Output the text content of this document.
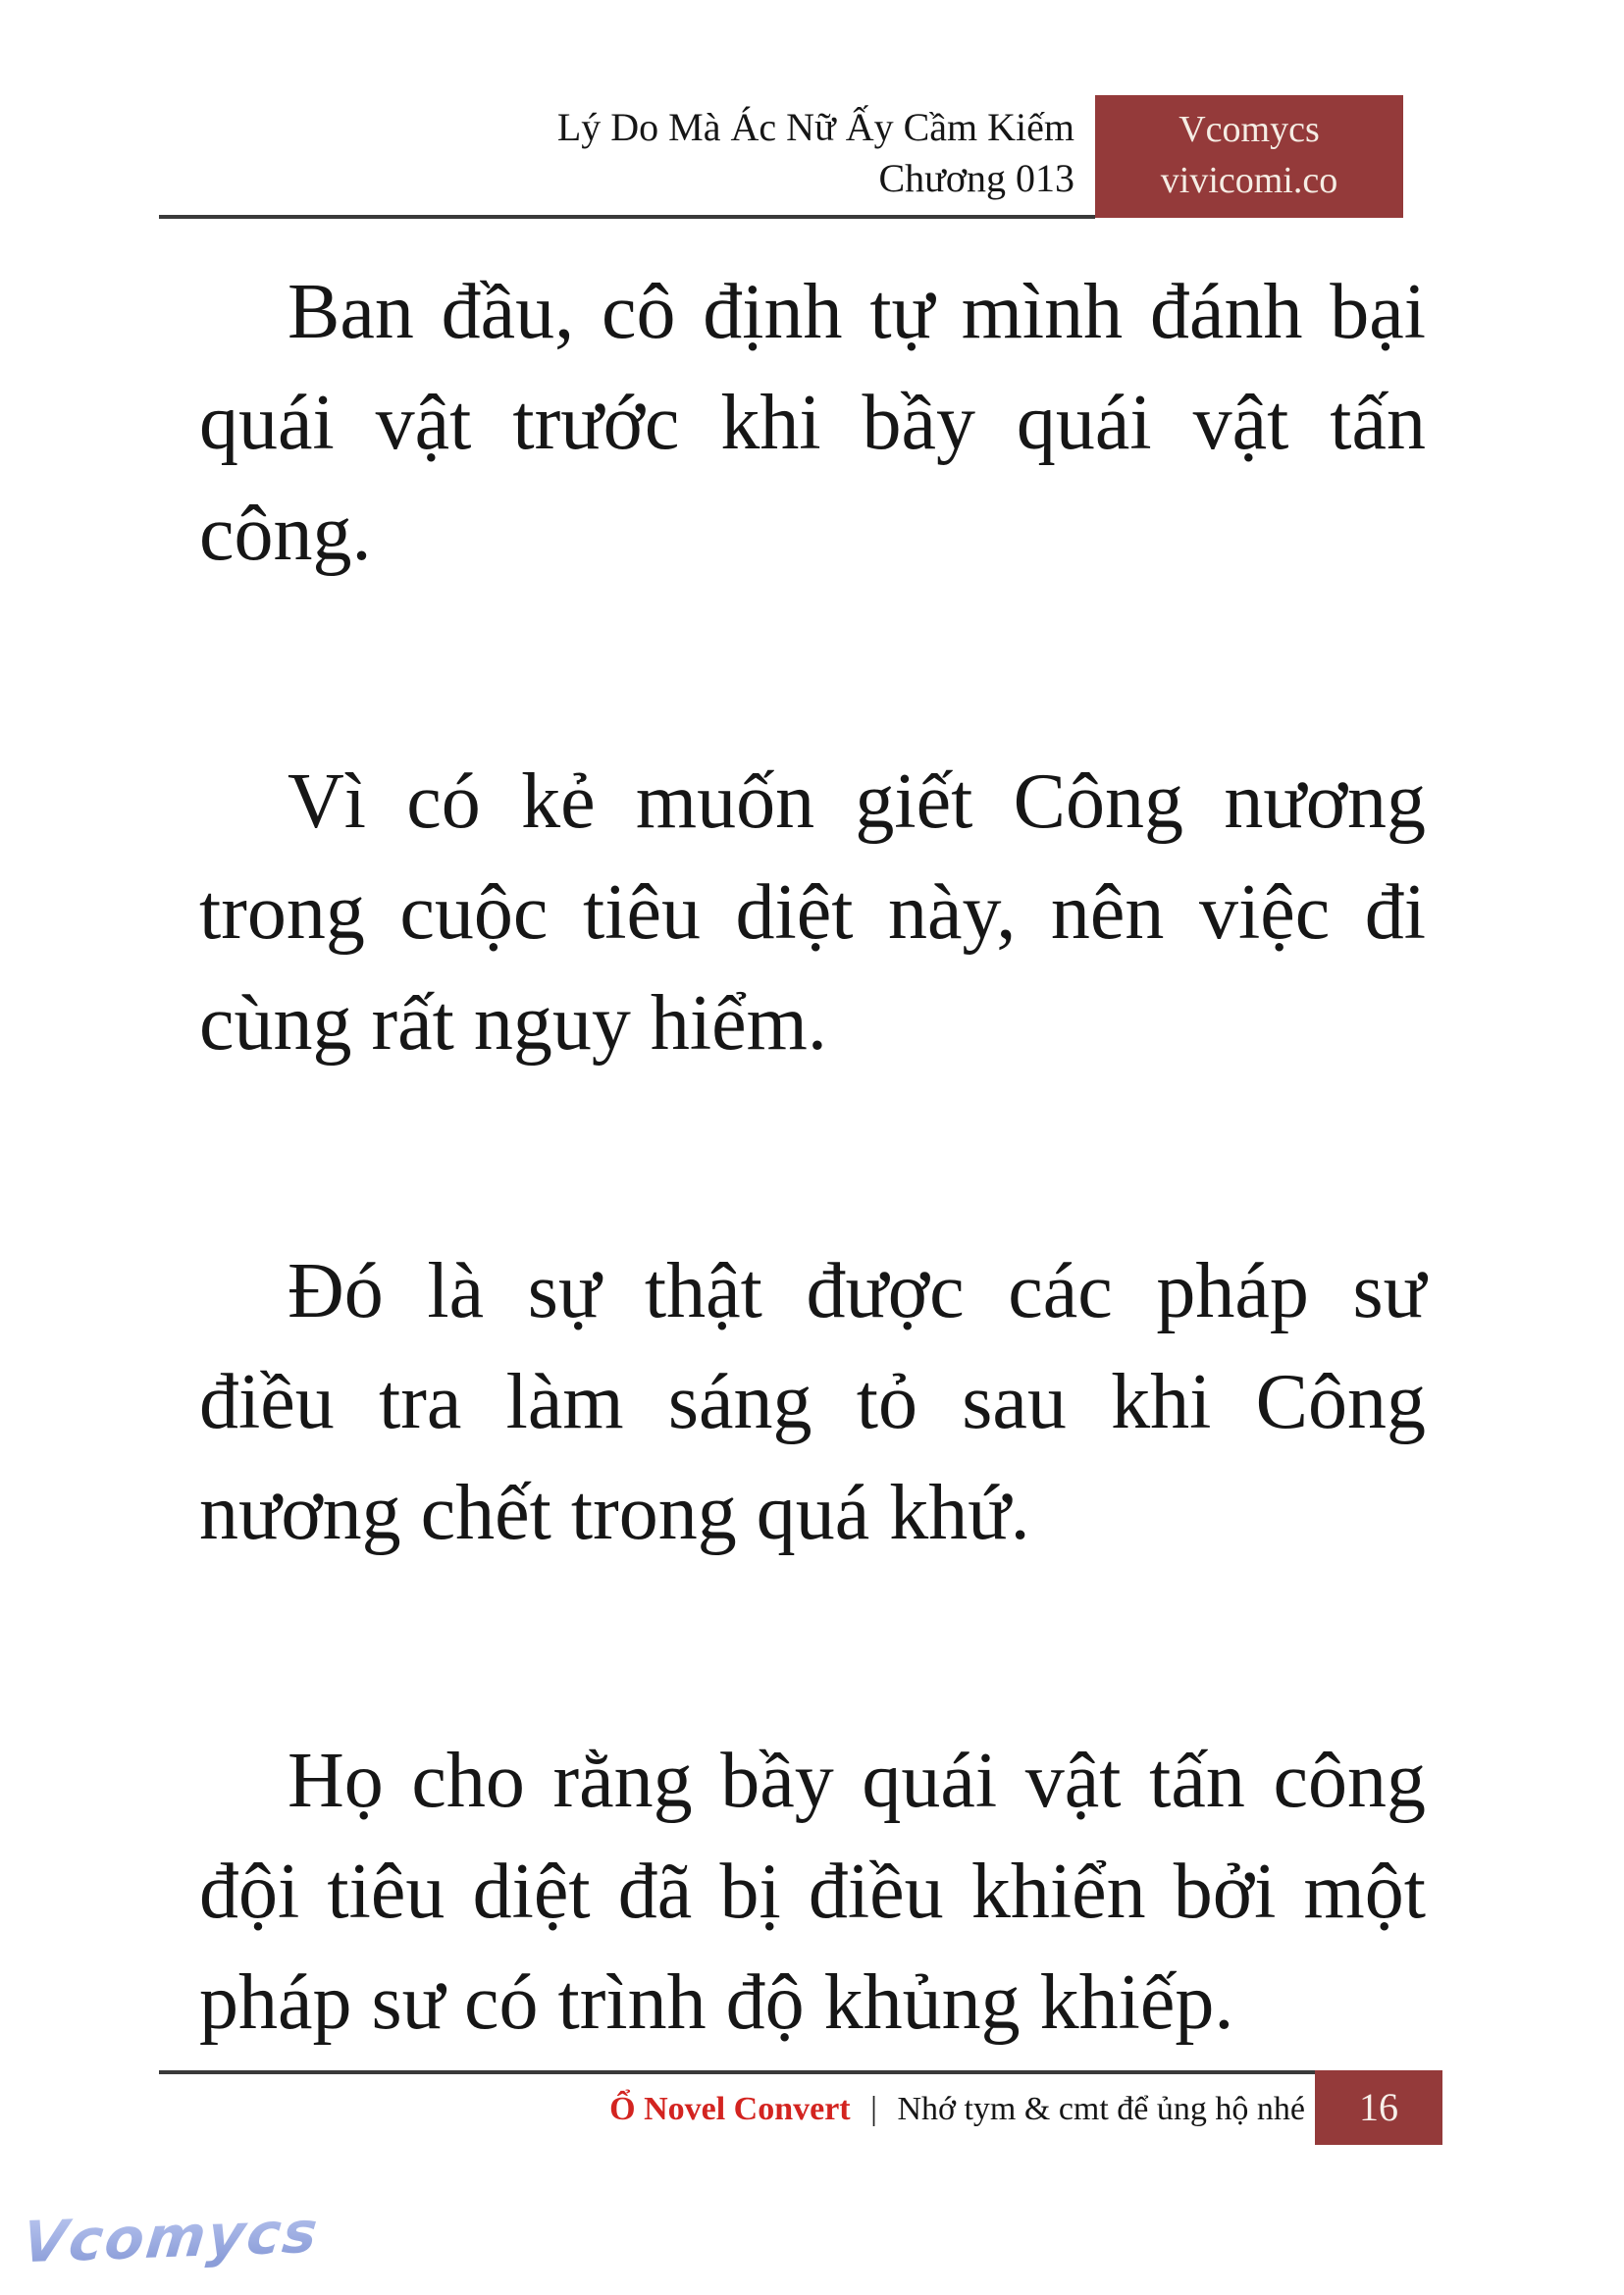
Lý Do Mà Ác Nữ Ấy Cầm Kiếm
Chương 013
Vcomycs
vivicomi.co
Ban đầu, cô định tự mình đánh bại
quái vật trước khi bầy quái vật tấn
công.
Vì có kẻ muốn giết Công nương
trong cuộc tiêu diệt này, nên việc đi
cùng rất nguy hiểm.
Đó là sự thật được các pháp sư
điều tra làm sáng tỏ sau khi Công
nương chết trong quá khứ.
Họ cho rằng bầy quái vật tấn công
đội tiêu diệt đã bị điều khiển bởi một
pháp sư có trình độ khủng khiếp.
Ổ Novel Convert | Nhớ tym & cmt để ủng hộ nhé	16
Vcomycs
